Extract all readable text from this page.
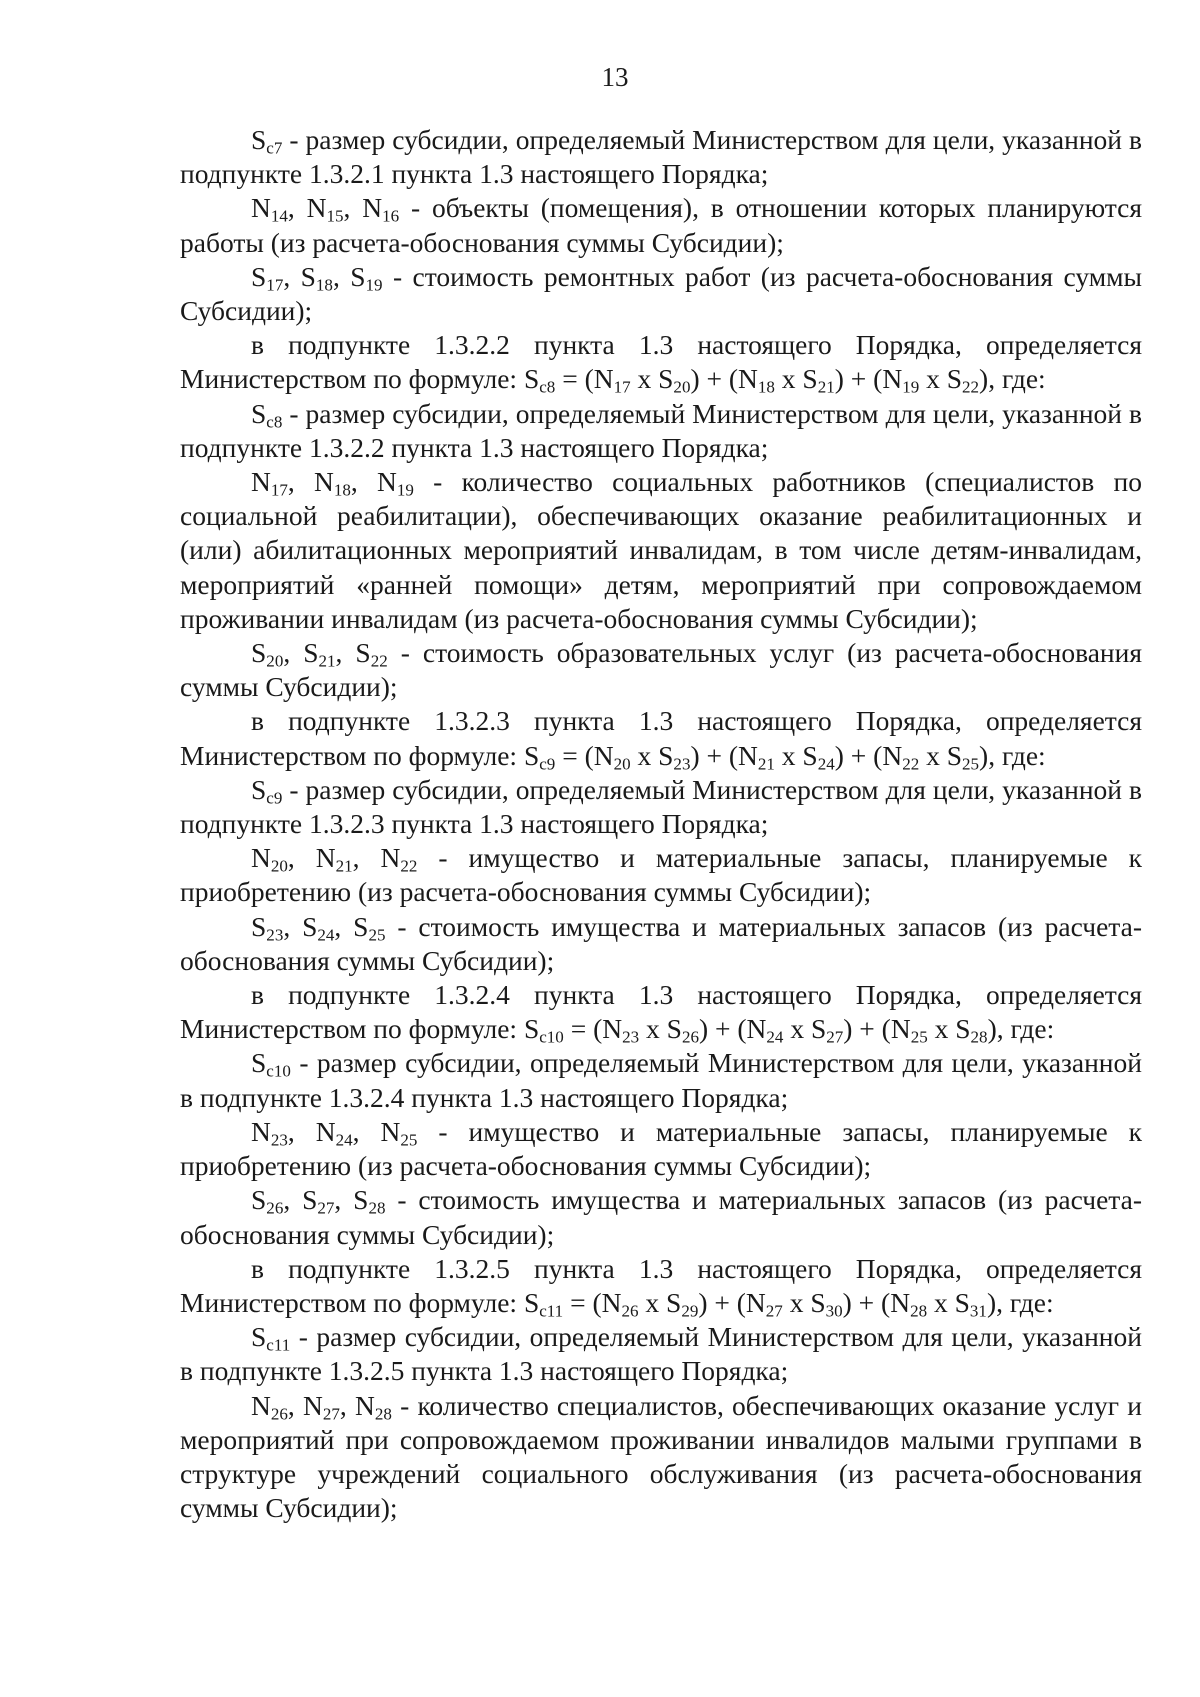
13

$S_{c7}$ - размер субсидии, определяемый Министерством для цели, указанной в подпункте 1.3.2.1 пункта 1.3 настоящего Порядка;

$N_{14}$, $N_{15}$, $N_{16}$ - объекты (помещения), в отношении которых планируются работы (из расчета-обоснования суммы Субсидии);

$S_{17}$, $S_{18}$, $S_{19}$ - стоимость ремонтных работ (из расчета-обоснования суммы Субсидии);

в подпункте 1.3.2.2 пункта 1.3 настоящего Порядка, определяется Министерством по формуле: $S_{c8} = (N_{17}$ x $S_{20}) + (N_{18}$ x $S_{21}) + (N_{19}$ x $S_{22}$), где:

$S_{c8}$ - размер субсидии, определяемый Министерством для цели, указанной в подпункте 1.3.2.2 пункта 1.3 настоящего Порядка;

$N_{17}$, $N_{18}$, $N_{19}$ - количество социальных работников (специалистов по социальной реабилитации), обеспечивающих оказание реабилитационных и (или) абилитационных мероприятий инвалидам, в том числе детям-инвалидам, мероприятий «ранней помощи» детям, мероприятий при сопровождаемом проживании инвалидам (из расчета-обоснования суммы Субсидии);

$S_{20}$, $S_{21}$, $S_{22}$ - стоимость образовательных услуг (из расчета-обоснования суммы Субсидии);

в подпункте 1.3.2.3 пункта 1.3 настоящего Порядка, определяется Министерством по формуле: $S_{c9} = (N_{20}$ x $S_{23}) + (N_{21}$ x $S_{24}) + (N_{22}$ x $S_{25}$), где:

$S_{c9}$ - размер субсидии, определяемый Министерством для цели, указанной в подпункте 1.3.2.3 пункта 1.3 настоящего Порядка;

$N_{20}$, $N_{21}$, $N_{22}$ - имущество и материальные запасы, планируемые к приобретению (из расчета-обоснования суммы Субсидии);

$S_{23}$, $S_{24}$, $S_{25}$ - стоимость имущества и материальных запасов (из расчета-обоснования суммы Субсидии);

в подпункте 1.3.2.4 пункта 1.3 настоящего Порядка, определяется Министерством по формуле: $S_{c10} = (N_{23}$ x $S_{26}) + (N_{24}$ x $S_{27}) + (N_{25}$ x $S_{28}$), где:

$S_{c10}$ - размер субсидии, определяемый Министерством для цели, указанной в подпункте 1.3.2.4 пункта 1.3 настоящего Порядка;

$N_{23}$, $N_{24}$, $N_{25}$ - имущество и материальные запасы, планируемые к приобретению (из расчета-обоснования суммы Субсидии);

$S_{26}$, $S_{27}$, $S_{28}$ - стоимость имущества и материальных запасов (из расчета-обоснования суммы Субсидии);

в подпункте 1.3.2.5 пункта 1.3 настоящего Порядка, определяется Министерством по формуле: $S_{c11} = (N_{26}$ x $S_{29}) + (N_{27}$ x $S_{30}) + (N_{28}$ x $S_{31}$), где:

$S_{c11}$ - размер субсидии, определяемый Министерством для цели, указанной в подпункте 1.3.2.5 пункта 1.3 настоящего Порядка;

$N_{26}$, $N_{27}$, $N_{28}$ - количество специалистов, обеспечивающих оказание услуг и мероприятий при сопровождаемом проживании инвалидов малыми группами в структуре учреждений социального обслуживания (из расчета-обоснования суммы Субсидии);
